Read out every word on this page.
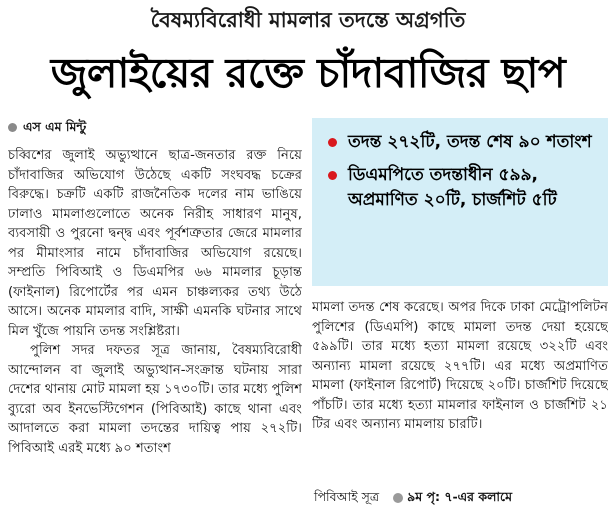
বৈষম্যবিরোধী মামলার তদন্তে অগ্রগতি
জুলাইয়ের রক্তে চাঁদাবাজির ছাপ
এস এম মিন্টু

চব্বিশের জুলাই অভ্যুত্থানে ছাত্র-জনতার রক্ত নিয়ে চাঁদাবাজির অভিযোগ উঠেছে একটি সংঘবদ্ধ চক্রের বিরুদ্ধে। চক্রটি একটি রাজনৈতিক দলের নাম ভাঙিয়ে ঢালাও মামলাগুলোতে অনেক নিরীহ সাধারণ মানুষ, ব্যবসায়ী ও পুরনো দ্বন্দ্ব এবং পূর্বশত্রুতার জেরে মামলার পর মীমাংসার নামে চাঁদাবাজির অভিযোগ রয়েছে। সম্প্রতি পিবিআই ও ডিএমপির ৬৬ মামলার চূড়ান্ত (ফাইনাল) রিপোর্টের পর এমন চাঞ্চল্যকর তথ্য উঠে আসে। অনেক মামলার বাদি, সাক্ষী এমনকি ঘটনার সাথে মিল খুঁজে পায়নি তদন্ত সংশ্লিষ্টরা।

পুলিশ সদর দফতর সূত্র জানায়, বৈষম্যবিরোধী আন্দোলন বা জুলাই অভ্যুত্থান-সংক্রান্ত ঘটনায় সারা দেশের থানায় মোট মামলা হয় ১৭৩০টি। তার মধ্যে পুলিশ ব্যুরো অব ইনভেস্টিগেশন (পিবিআই) কাছে থানা এবং আদালতে করা মামলা তদন্তের দায়িত্ব পায় ২৭২টি। পিবিআই এরই মধ্যে ৯০ শতাংশ

তদন্ত ২৭২টি, তদন্ত শেষ ৯০ শতাংশ
ডিএমপিতে তদন্তাধীন ৫৯৯, অপ্রমাণিত ২০টি, চার্জশিট ৫টি

মামলা তদন্ত শেষ করেছে। অপর দিকে ঢাকা মেট্রোপলিটন পুলিশের (ডিএমপি) কাছে মামলা তদন্ত দেয়া হয়েছে ৫৯৯টি। তার মধ্যে হত্যা মামলা রয়েছে ৩২২টি এবং অন্যান্য মামলা রয়েছে ২৭৭টি। এর মধ্যে অপ্রমাণিত মামলা (ফাইনাল রিপোর্ট) দিয়েছে ২০টি। চার্জশিট দিয়েছে পাঁচটি। তার মধ্যে হত্যা মামলার ফাইনাল ও চার্জশিট ২১ টির এবং অন্যান্য মামলায় চারটি।

পিবিআই সূত্র ৯ম পৃ: ৭-এর কলামে
